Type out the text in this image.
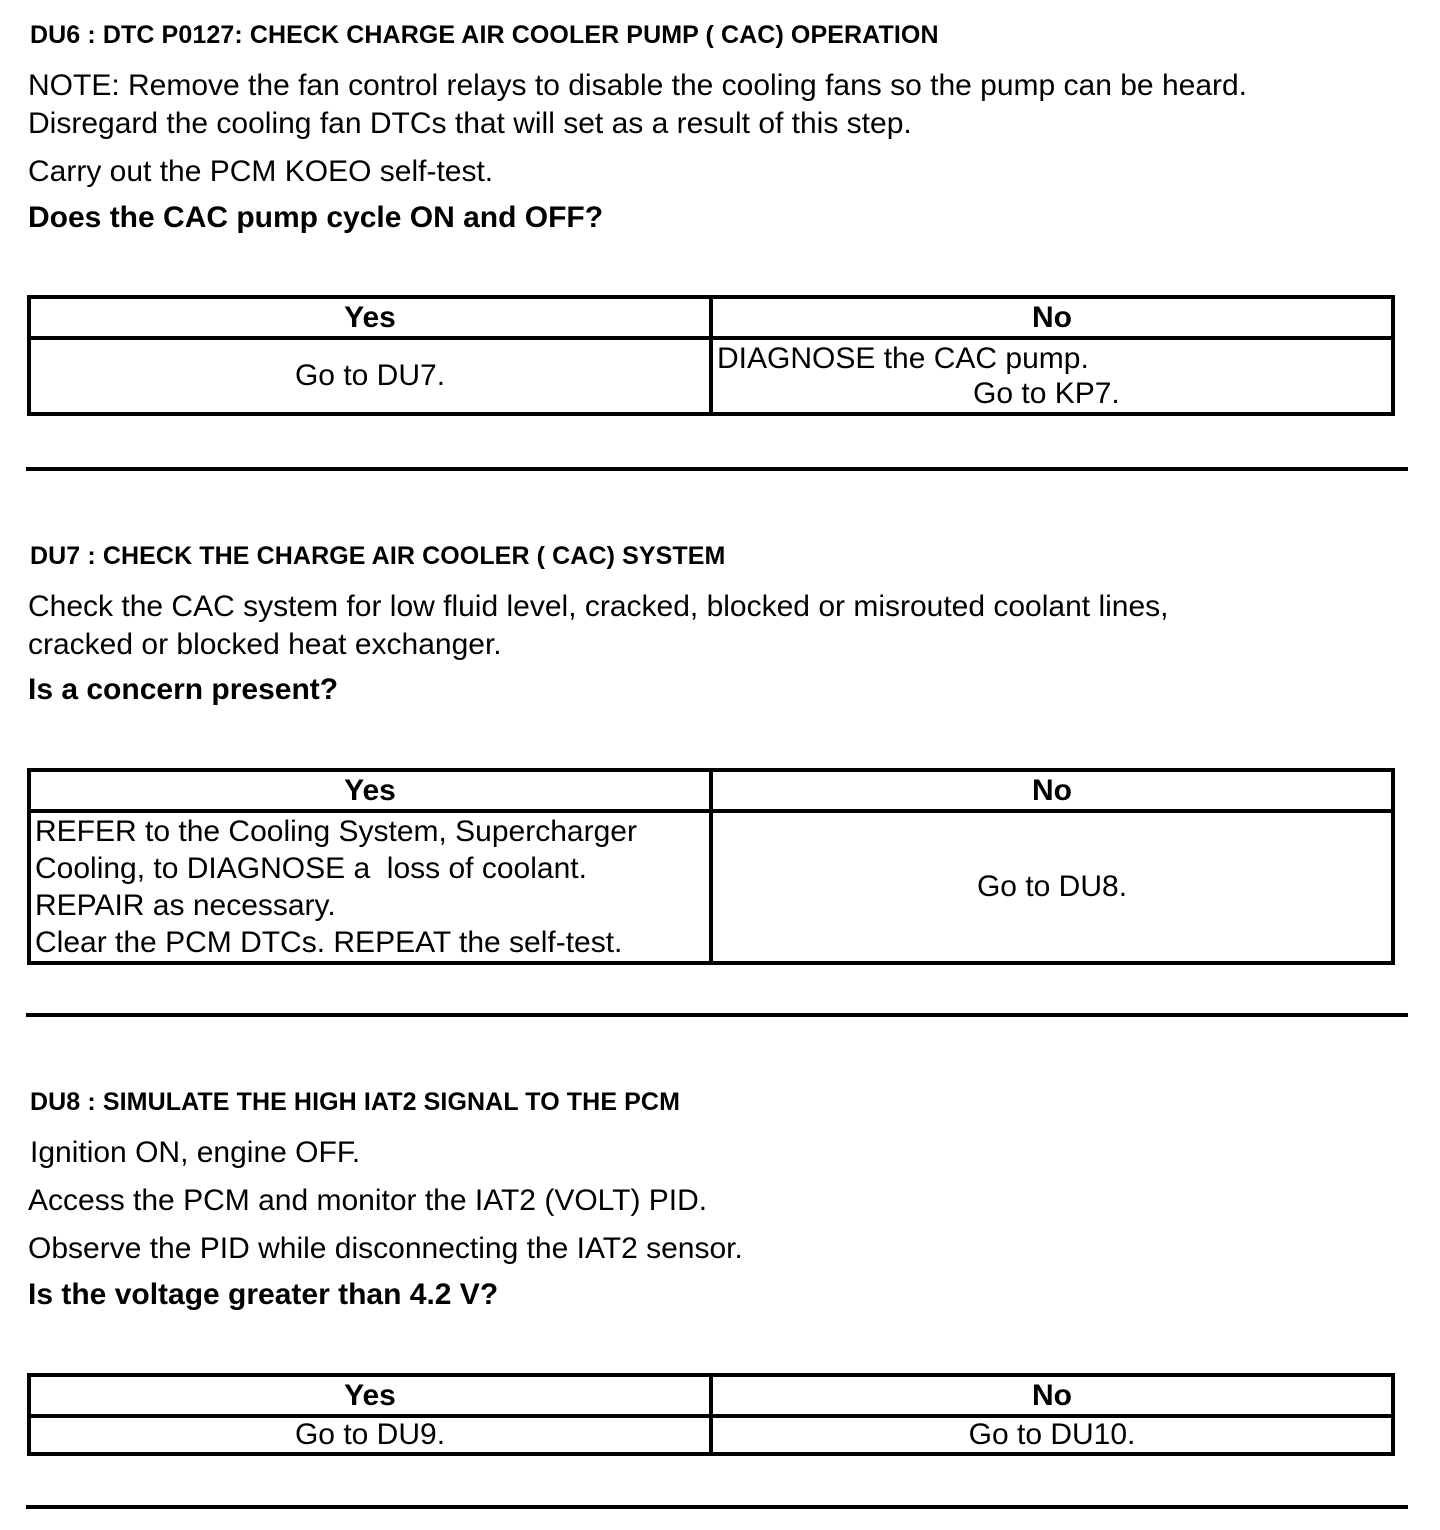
DU6 : DTC P0127: CHECK CHARGE AIR COOLER PUMP ( CAC) OPERATION
NOTE: Remove the fan control relays to disable the cooling fans so the pump can be heard.
Disregard the cooling fan DTCs that will set as a result of this step.
Carry out the PCM KOEO self-test.
Does the CAC pump cycle ON and OFF?
Yes	No
Go to DU7.	DIAGNOSE the CAC pump.
Go to KP7.
DU7 : CHECK THE CHARGE AIR COOLER ( CAC) SYSTEM
Check the CAC system for low fluid level, cracked, blocked or misrouted coolant lines,
cracked or blocked heat exchanger.
Is a concern present?
Yes	No

REFER to the Cooling System, Supercharger
Cooling, to DIAGNOSE a  loss of coolant.
REPAIR as necessary.
Clear the PCM DTCs. REPEAT the self-test.	Go to DU8.
DU8 : SIMULATE THE HIGH IAT2 SIGNAL TO THE PCM
Ignition ON, engine OFF.
Access the PCM and monitor the IAT2 (VOLT) PID.
Observe the PID while disconnecting the IAT2 sensor.
Is the voltage greater than 4.2 V?
Yes	No
Go to DU9.	Go to DU10.
